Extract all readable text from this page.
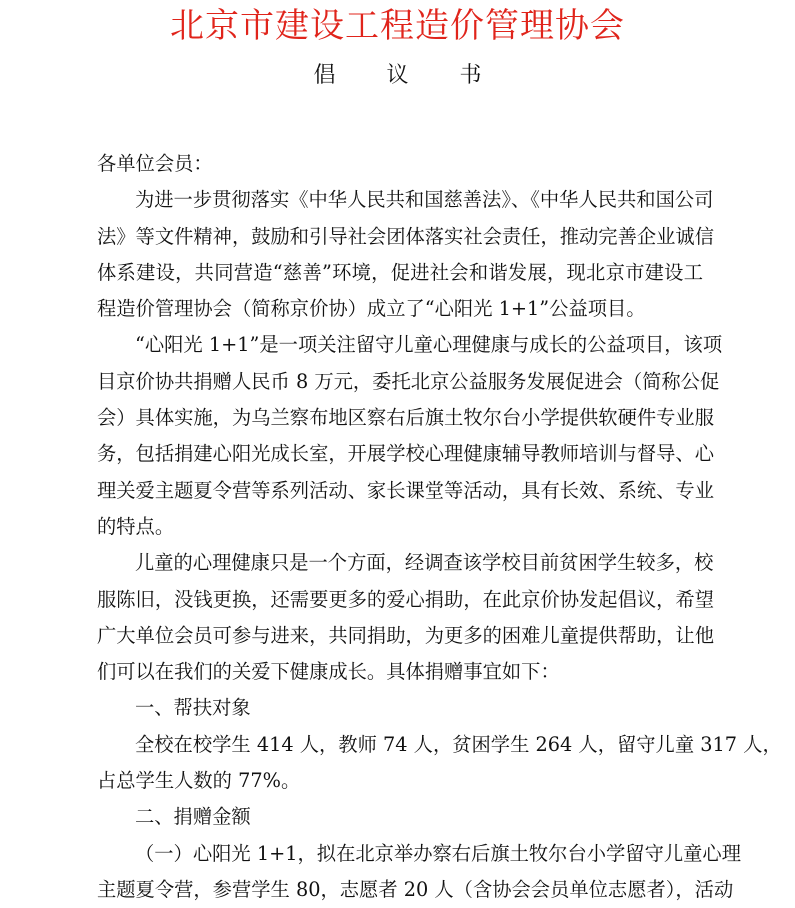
北京市建设工程造价管理协会
倡 议 书
各单位会员：
为进一步贯彻落实《中华人民共和国慈善法》、《中华人民共和国公司
法》等文件精神，鼓励和引导社会团体落实社会责任，推动完善企业诚信
体系建设，共同营造“慈善”环境，促进社会和谐发展，现北京市建设工
程造价管理协会（简称京价协）成立了“心阳光 1+1”公益项目。
“心阳光 1+1”是一项关注留守儿童心理健康与成长的公益项目，该项
目京价协共捐赠人民币 8 万元，委托北京公益服务发展促进会（简称公促
会）具体实施，为乌兰察布地区察右后旗土牧尔台小学提供软硬件专业服
务，包括捐建心阳光成长室，开展学校心理健康辅导教师培训与督导、心
理关爱主题夏令营等系列活动、家长课堂等活动，具有长效、系统、专业
的特点。
儿童的心理健康只是一个方面，经调查该学校目前贫困学生较多，校
服陈旧，没钱更换，还需要更多的爱心捐助，在此京价协发起倡议，希望
广大单位会员可参与进来，共同捐助，为更多的困难儿童提供帮助，让他
们可以在我们的关爱下健康成长。具体捐赠事宜如下：
一、帮扶对象
全校在校学生 414 人，教师 74 人，贫困学生 264 人，留守儿童 317 人，
占总学生人数的 77%。
二、捐赠金额
（一）心阳光 1+1，拟在北京举办察右后旗土牧尔台小学留守儿童心理
主题夏令营，参营学生 80，志愿者 20 人（含协会会员单位志愿者），活动
